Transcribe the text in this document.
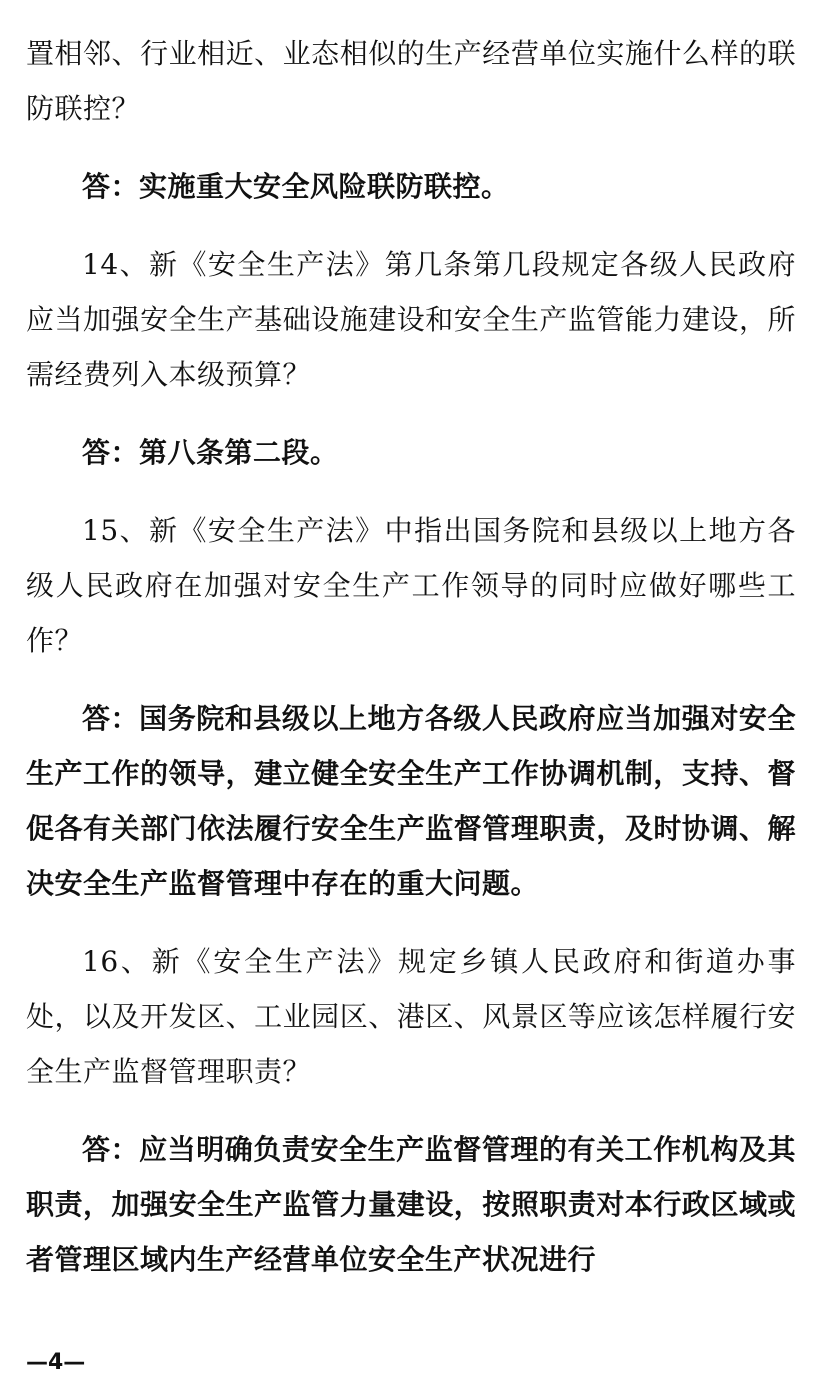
置相邻、行业相近、业态相似的生产经营单位实施什么样的联防联控？

答：实施重大安全风险联防联控。

14、新《安全生产法》第几条第几段规定各级人民政府应当加强安全生产基础设施建设和安全生产监管能力建设，所需经费列入本级预算？

答：第八条第二段。

15、新《安全生产法》中指出国务院和县级以上地方各级人民政府在加强对安全生产工作领导的同时应做好哪些工作？

答：国务院和县级以上地方各级人民政府应当加强对安全生产工作的领导，建立健全安全生产工作协调机制，支持、督促各有关部门依法履行安全生产监督管理职责，及时协调、解决安全生产监督管理中存在的重大问题。

16、新《安全生产法》规定乡镇人民政府和街道办事处，以及开发区、工业园区、港区、风景区等应该怎样履行安全生产监督管理职责？

答：应当明确负责安全生产监督管理的有关工作机构及其职责，加强安全生产监管力量建设，按照职责对本行政区域或者管理区域内生产经营单位安全生产状况进行

—4—
